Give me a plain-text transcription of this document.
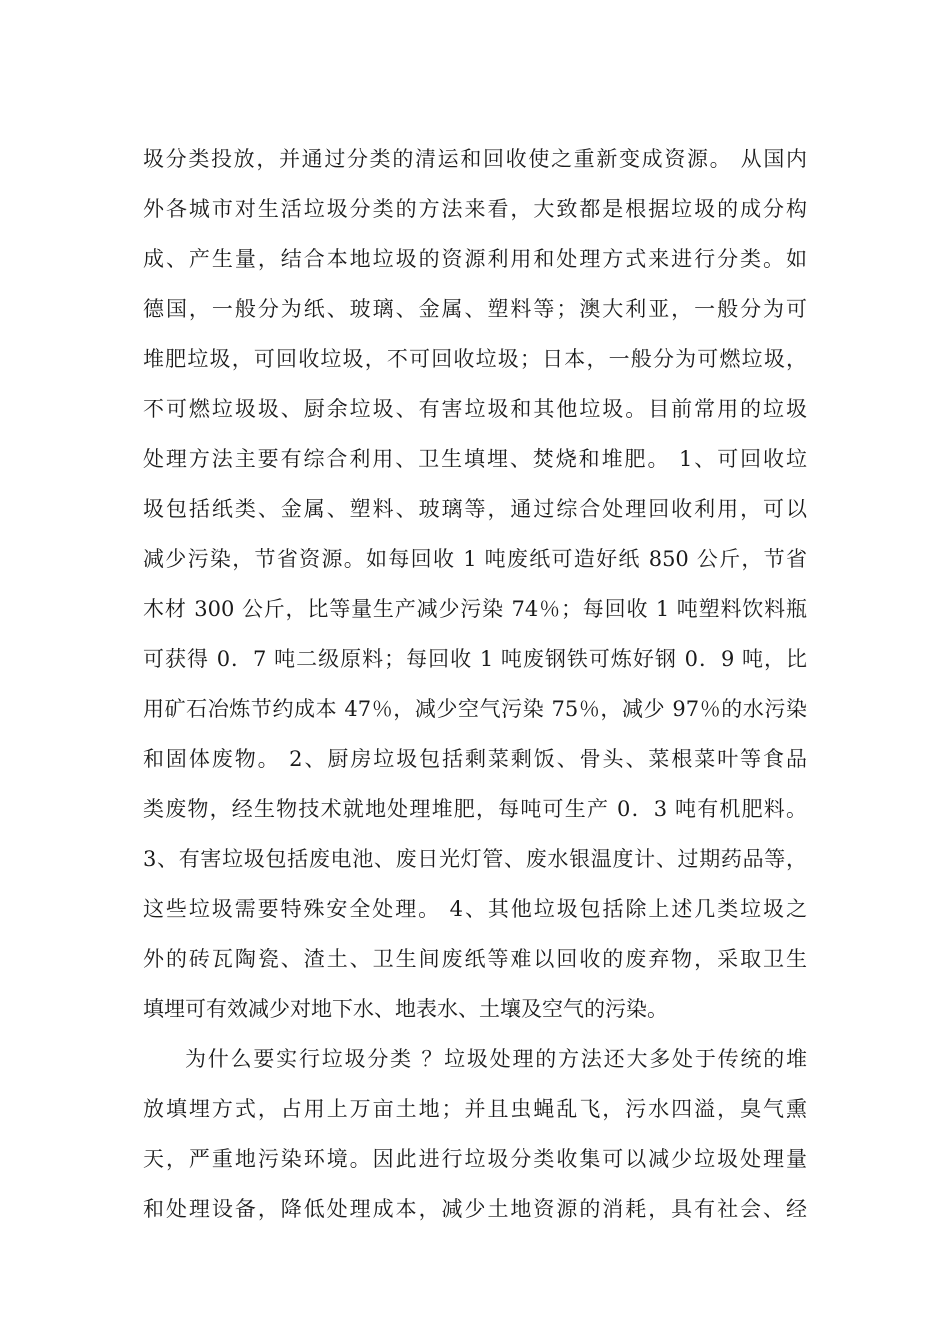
圾分类投放，并通过分类的清运和回收使之重新变成资源。 从国内
外各城市对生活垃圾分类的方法来看，大致都是根据垃圾的成分构
成、产生量，结合本地垃圾的资源利用和处理方式来进行分类。如
德国，一般分为纸、玻璃、金属、塑料等；澳大利亚，一般分为可
堆肥垃圾，可回收垃圾，不可回收垃圾；日本，一般分为可燃垃圾，
不可燃垃圾圾、厨余垃圾、有害垃圾和其他垃圾。目前常用的垃圾
处理方法主要有综合利用、卫生填埋、焚烧和堆肥。 1、可回收垃
圾包括纸类、金属、塑料、玻璃等，通过综合处理回收利用，可以
减少污染，节省资源。如每回收 1 吨废纸可造好纸 850 公斤，节省
木材 300 公斤，比等量生产减少污染 74％；每回收 1 吨塑料饮料瓶
可获得 0．7 吨二级原料；每回收 1 吨废钢铁可炼好钢 0．9 吨，比
用矿石冶炼节约成本 47％，减少空气污染 75％，减少 97％的水污染
和固体废物。 2、厨房垃圾包括剩菜剩饭、骨头、菜根菜叶等食品
类废物，经生物技术就地处理堆肥，每吨可生产 0．3 吨有机肥料。
3、有害垃圾包括废电池、废日光灯管、废水银温度计、过期药品等，
这些垃圾需要特殊安全处理。 4、其他垃圾包括除上述几类垃圾之
外的砖瓦陶瓷、渣土、卫生间废纸等难以回收的废弃物，采取卫生
填埋可有效减少对地下水、地表水、土壤及空气的污染。
为什么要实行垃圾分类 ？垃圾处理的方法还大多处于传统的堆
放填埋方式，占用上万亩土地；并且虫蝇乱飞，污水四溢，臭气熏
天，严重地污染环境。因此进行垃圾分类收集可以减少垃圾处理量
和处理设备，降低处理成本，减少土地资源的消耗，具有社会、经
